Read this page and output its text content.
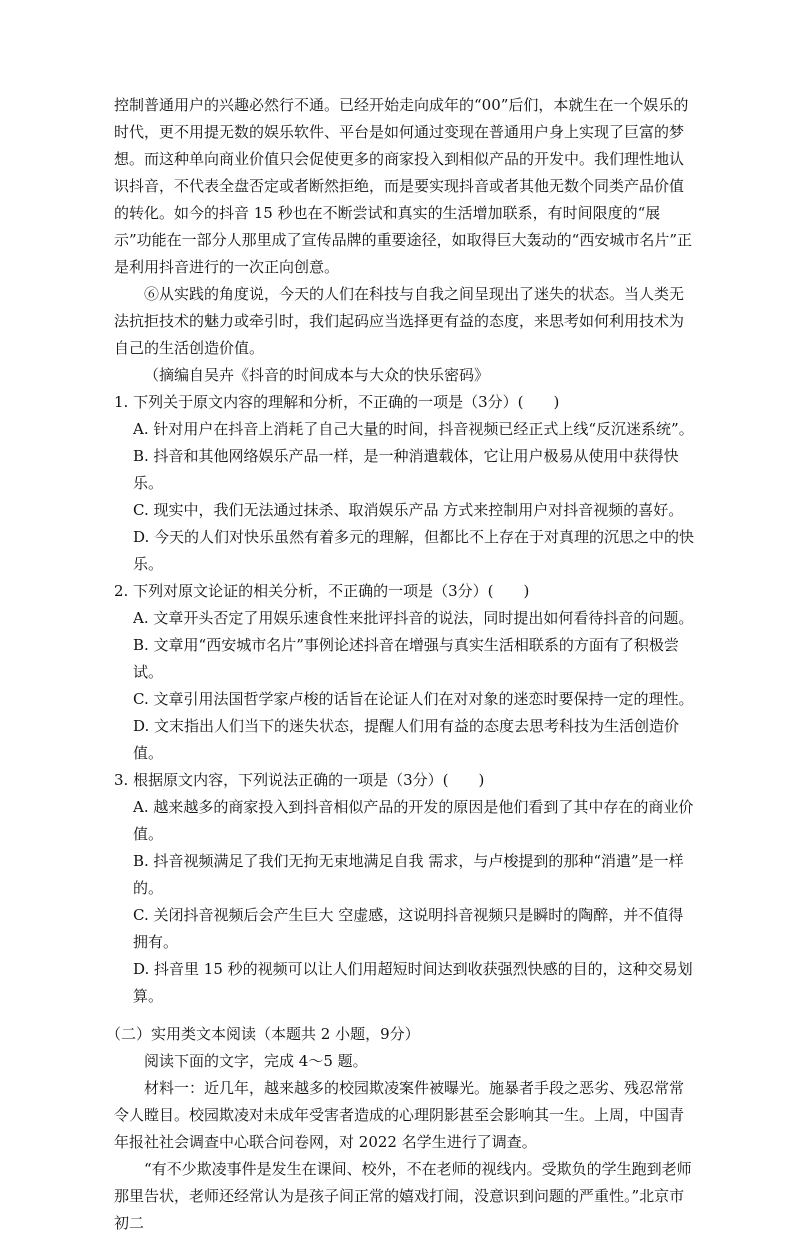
控制普通用户的兴趣必然行不通。已经开始走向成年的“00”后们，本就生在一个娱乐的时代，更不用提无数的娱乐软件、平台是如何通过变现在普通用户身上实现了巨富的梦想。而这种单向商业价值只会促使更多的商家投入到相似产品的开发中。我们理性地认识抖音，不代表全盘否定或者断然拒绝，而是要实现抖音或者其他无数个同类产品价值的转化。如今的抖音 15 秒也在不断尝试和真实的生活增加联系，有时间限度的“展示”功能在一部分人那里成了宣传品牌的重要途径，如取得巨大轰动的“西安城市名片”正是利用抖音进行的一次正向创意。

⑥从实践的角度说，今天的人们在科技与自我之间呈现出了迷失的状态。当人类无法抗拒技术的魅力或牵引时，我们起码应当选择更有益的态度，来思考如何利用技术为自己的生活创造价值。

（摘编自吴卉《抖音的时间成本与大众的快乐密码》

1. 下列关于原文内容的理解和分析，不正确的一项是（3分）(　　)

A. 针对用户在抖音上消耗了自己大量的时间，抖音视频已经正式上线“反沉迷系统”。

B. 抖音和其他网络娱乐产品一样，是一种消遣载体，它让用户极易从使用中获得快乐。

C. 现实中，我们无法通过抹杀、取消娱乐产品 方式来控制用户对抖音视频的喜好。

D. 今天的人们对快乐虽然有着多元的理解，但都比不上存在于对真理的沉思之中的快乐。

2. 下列对原文论证的相关分析，不正确的一项是（3分）(　　)

A. 文章开头否定了用娱乐速食性来批评抖音的说法，同时提出如何看待抖音的问题。

B. 文章用“西安城市名片”事例论述抖音在增强与真实生活相联系的方面有了积极尝试。

C. 文章引用法国哲学家卢梭的话旨在论证人们在对对象的迷恋时要保持一定的理性。

D. 文末指出人们当下的迷失状态，提醒人们用有益的态度去思考科技为生活创造价值。

3. 根据原文内容，下列说法正确的一项是（3分）(　　)

A. 越来越多的商家投入到抖音相似产品的开发的原因是他们看到了其中存在的商业价值。

B. 抖音视频满足了我们无拘无束地满足自我 需求，与卢梭提到的那种“消遣”是一样的。

C. 关闭抖音视频后会产生巨大 空虚感，这说明抖音视频只是瞬时的陶醉，并不值得拥有。

D. 抖音里 15 秒的视频可以让人们用超短时间达到收获强烈快感的目的，这种交易划算。

（二）实用类文本阅读（本题共 2 小题，9分）

阅读下面的文字，完成 4～5 题。

材料一：近几年，越来越多的校园欺凌案件被曝光。施暴者手段之恶劣、残忍常常令人瞠目。校园欺凌对未成年受害者造成的心理阴影甚至会影响其一生。上周，中国青年报社社会调查中心联合问卷网，对 2022 名学生进行了调查。

“有不少欺凌事件是发生在课间、校外，不在老师的视线内。受欺负的学生跑到老师那里告状，老师还经常认为是孩子间正常的嬉戏打闹，没意识到问题的严重性。”北京市初二
